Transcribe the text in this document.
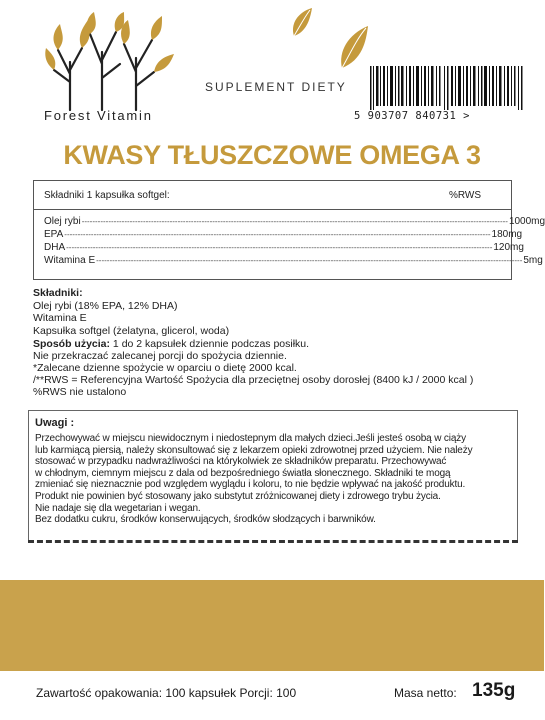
Forest Vitamin
SUPLEMENT DIETY
5 903707 840731 >
KWASY TŁUSZCZOWE OMEGA 3
Składniki 1 kapsułka softgel:	%RWS
Olej rybi ---------------------------------------------------------------------------------------------------------------------------------------------------------------- 1000mg
EPA ---------------------------------------------------------------------------------------------------------------------------------------------------------------- 180mg
DHA ---------------------------------------------------------------------------------------------------------------------------------------------------------------- 120mg
Witamina E ---------------------------------------------------------------------------------------------------------------------------------------------------------------- 5mg
Składniki:
Olej rybi (18% EPA, 12% DHA)
Witamina E
Kapsułka softgel (żelatyna, glicerol, woda)
Sposób użycia: 1 do 2 kapsułek dziennie podczas posiłku.
Nie przekraczać zalecanej porcji do spożycia dziennie.
*Zalecane dzienne spożycie w oparciu o dietę 2000 kcal.
/**RWS = Referencyjna Wartość Spożycia dla przeciętnej osoby dorosłej (8400 kJ / 2000 kcal )
%RWS nie ustalono
Uwagi :
Przechowywać w miejscu niewidocznym i niedostepnym dla małych dzieci.Jeśli jesteś osobą w ciąży
lub karmiącą piersią, należy skonsultować się z lekarzem opieki zdrowotnej przed użyciem. Nie należy
stosować w przypadku nadwrażliwości na którykolwiek ze składników preparatu. Przechowywać
w chłodnym, ciemnym miejscu z dala od bezpośredniego światła słonecznego. Składniki te mogą
zmieniać się nieznacznie pod względem wyglądu i koloru, to nie będzie wpływać na jakość produktu.
Produkt nie powinien być stosowany jako substytut zróżnicowanej diety i zdrowego trybu życia.
Nie nadaje się dla wegetarian i wegan.
Bez dodatku cukru, środków konserwujących, środków słodzących i barwników.
Zawartość opakowania: 100 kapsułek Porcji: 100	Masa netto: 135g
